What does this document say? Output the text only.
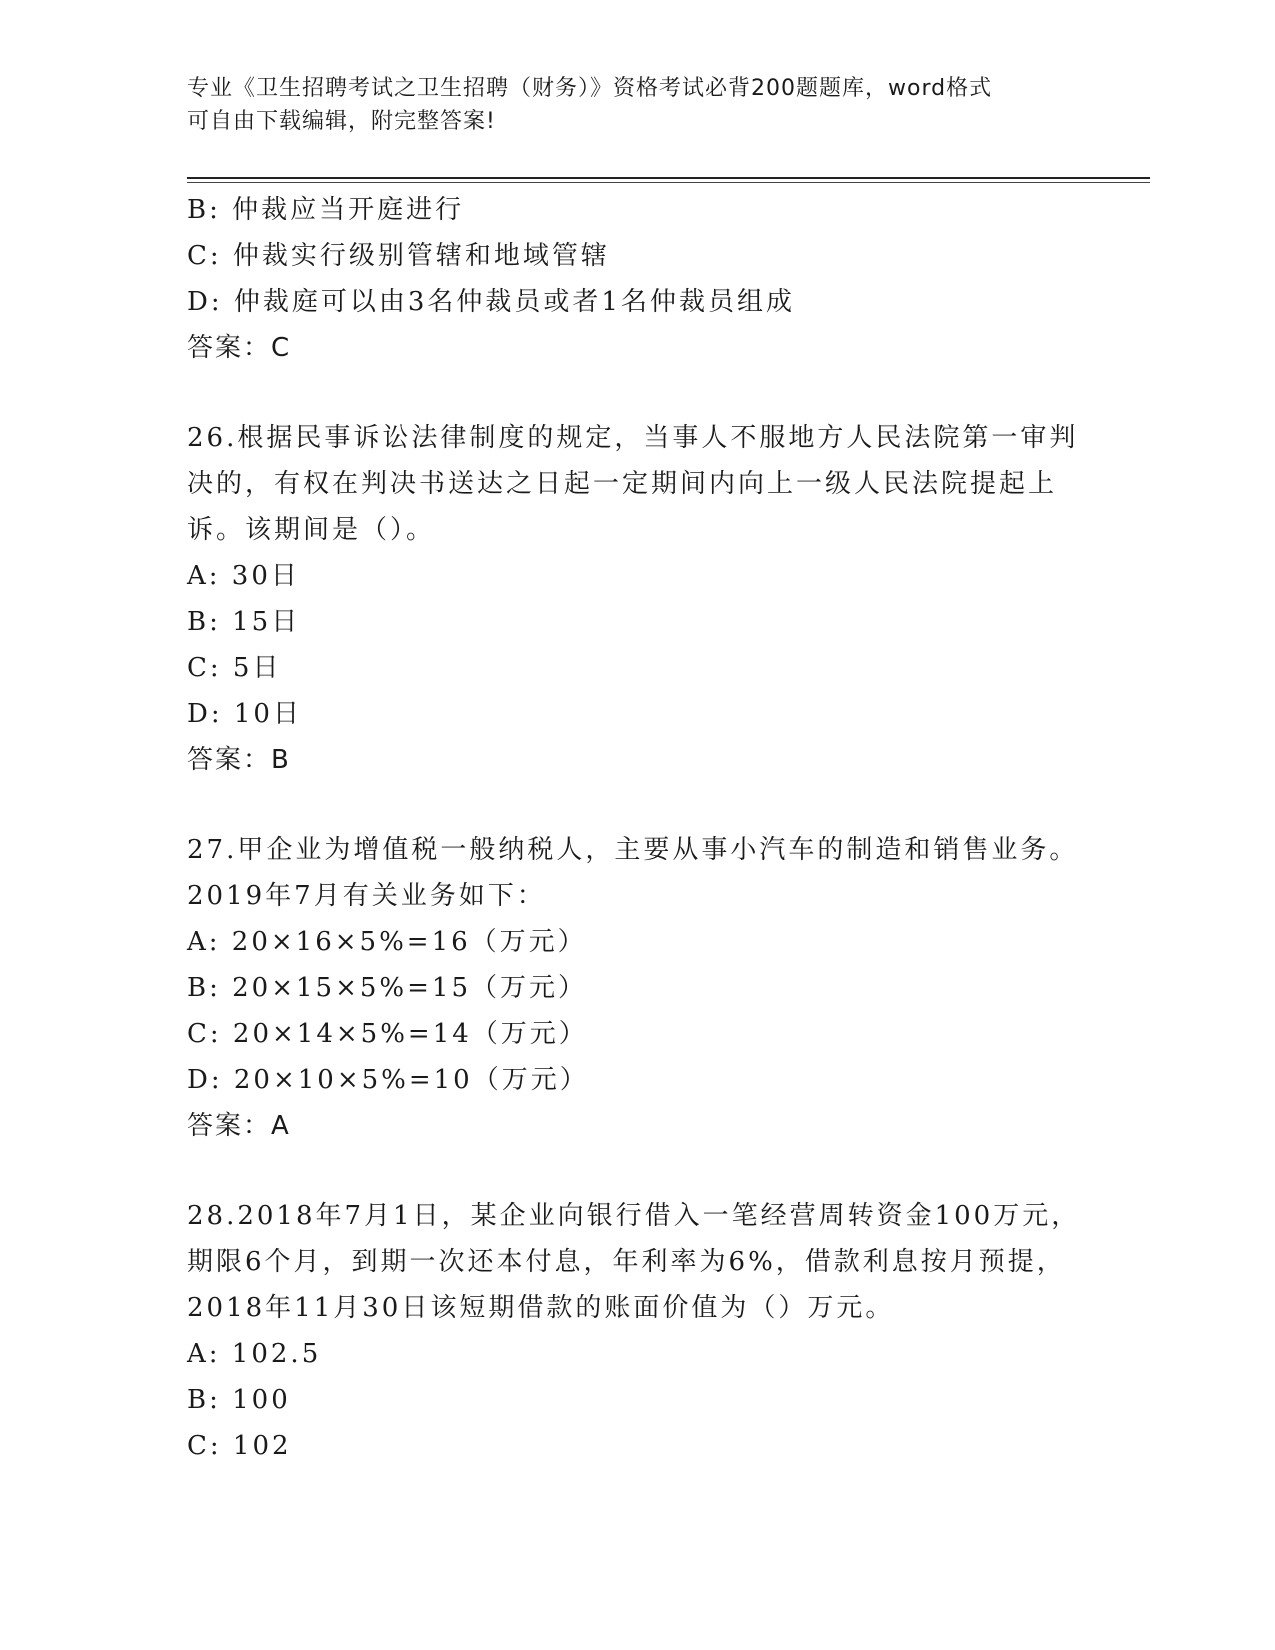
专业《卫生招聘考试之卫生招聘（财务）》资格考试必背200题题库，word格式
可自由下载编辑，附完整答案!
B: 仲裁应当开庭进行
C: 仲裁实行级别管辖和地域管辖
D: 仲裁庭可以由3名仲裁员或者1名仲裁员组成
答案：C
26.根据民事诉讼法律制度的规定，当事人不服地方人民法院第一审判
决的，有权在判决书送达之日起一定期间内向上一级人民法院提起上
诉。该期间是（）。
A: 30日
B: 15日
C: 5日
D: 10日
答案：B
27.甲企业为增值税一般纳税人，主要从事小汽车的制造和销售业务。
2019年7月有关业务如下：
A: 20×16×5%=16（万元）
B: 20×15×5%=15（万元）
C: 20×14×5%=14（万元）
D: 20×10×5%=10（万元）
答案：A
28.2018年7月1日，某企业向银行借入一笔经营周转资金100万元，
期限6个月，到期一次还本付息，年利率为6%，借款利息按月预提，
2018年11月30日该短期借款的账面价值为（）万元。
A: 102.5
B: 100
C: 102
